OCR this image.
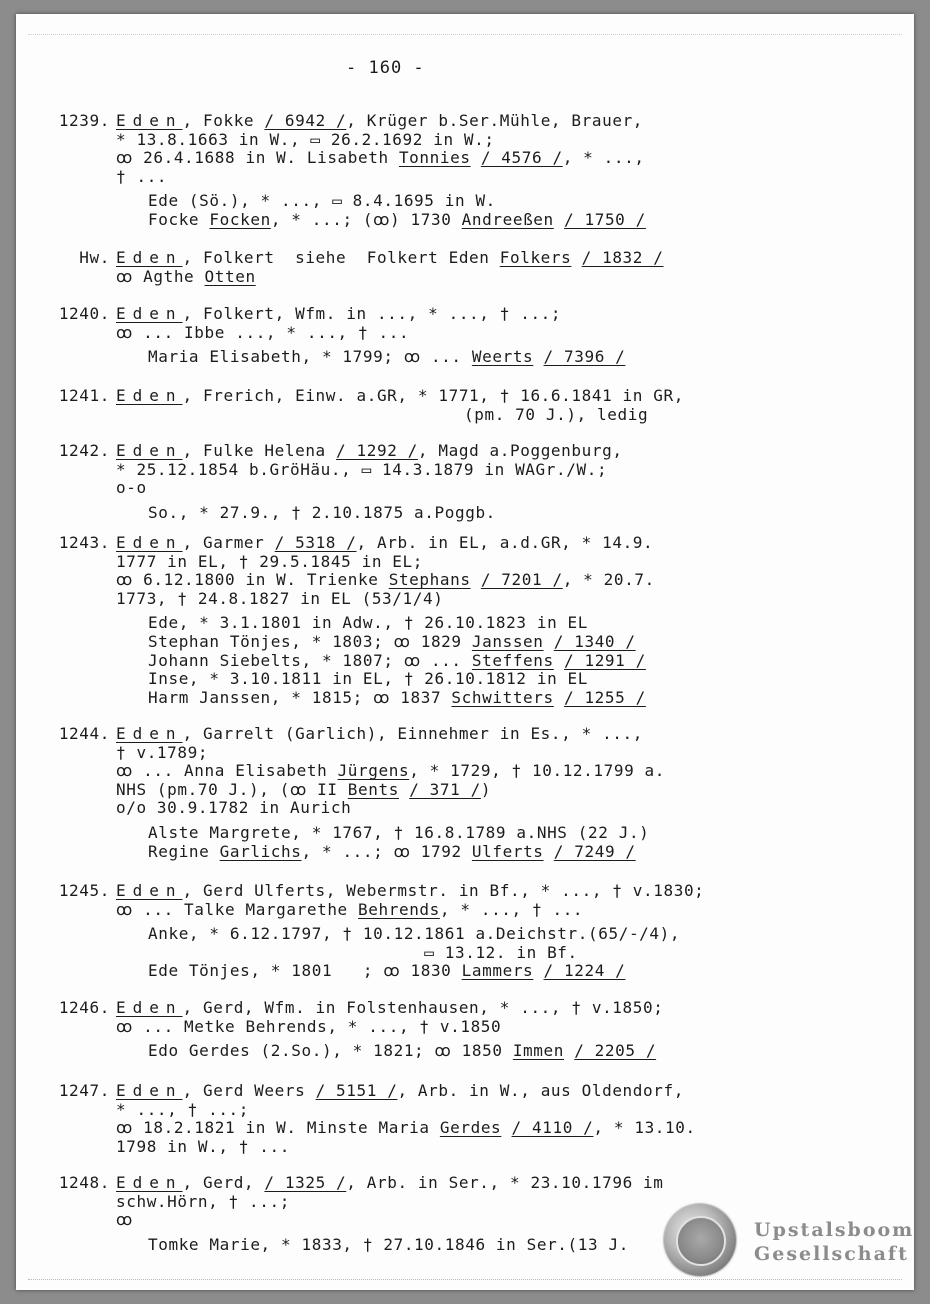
- 160 -
1239. Eden, Fokke / 6942 /, Krüger b.Ser.Mühle, Brauer,
* 13.8.1663 in W., ▭ 26.2.1692 in W.;
ꝏ 26.4.1688 in W. Lisabeth Tonnies / 4576 /, * ...,
† ...
Ede (Sö.), * ..., ▭ 8.4.1695 in W.
Focke Focken, * ...; (ꝏ) 1730 Andreeßen / 1750 /
Hw. Eden, Folkert  siehe  Folkert Eden Folkers / 1832 /
ꝏ Agthe Otten
1240. Eden, Folkert, Wfm. in ..., * ..., † ...;
ꝏ ... Ibbe ..., * ..., † ...
Maria Elisabeth, * 1799; ꝏ ... Weerts / 7396 /
1241. Eden, Frerich, Einw. a.GR, * 1771, † 16.6.1841 in GR,
(pm. 70 J.), ledig
1242. Eden, Fulke Helena / 1292 /, Magd a.Poggenburg,
* 25.12.1854 b.GröHäu., ▭ 14.3.1879 in WAGr./W.;
o-o
So., * 27.9., † 2.10.1875 a.Poggb.
1243. Eden, Garmer / 5318 /, Arb. in EL, a.d.GR, * 14.9.
1777 in EL, † 29.5.1845 in EL;
ꝏ 6.12.1800 in W. Trienke Stephans / 7201 /, * 20.7.
1773, † 24.8.1827 in EL (53/1/4)
Ede, * 3.1.1801 in Adw., † 26.10.1823 in EL
Stephan Tönjes, * 1803; ꝏ 1829 Janssen / 1340 /
Johann Siebelts, * 1807; ꝏ ... Steffens / 1291 /
Inse, * 3.10.1811 in EL, † 26.10.1812 in EL
Harm Janssen, * 1815; ꝏ 1837 Schwitters / 1255 /
1244. Eden, Garrelt (Garlich), Einnehmer in Es., * ...,
† v.1789;
ꝏ ... Anna Elisabeth Jürgens, * 1729, † 10.12.1799 a.
NHS (pm.70 J.), (ꝏ II Bents / 371 /)
o/o 30.9.1782 in Aurich
Alste Margrete, * 1767, † 16.8.1789 a.NHS (22 J.)
Regine Garlichs, * ...; ꝏ 1792 Ulferts / 7249 /
1245. Eden, Gerd Ulferts, Webermstr. in Bf., * ..., † v.1830;
ꝏ ... Talke Margarethe Behrends, * ..., † ...
Anke, * 6.12.1797, † 10.12.1861 a.Deichstr.(65/-/4),
▭ 13.12. in Bf.
Ede Tönjes, * 1801   ; ꝏ 1830 Lammers / 1224 /
1246. Eden, Gerd, Wfm. in Folstenhausen, * ..., † v.1850;
ꝏ ... Metke Behrends, * ..., † v.1850
Edo Gerdes (2.So.), * 1821; ꝏ 1850 Immen / 2205 /
1247. Eden, Gerd Weers / 5151 /, Arb. in W., aus Oldendorf,
* ..., † ...;
ꝏ 18.2.1821 in W. Minste Maria Gerdes / 4110 /, * 13.10.
1798 in W., † ...
1248. Eden, Gerd, / 1325 /, Arb. in Ser., * 23.10.1796 im
schw.Hörn, † ...;
ꝏ
Tomke Marie, * 1833, † 27.10.1846 in Ser.(13 J.
Upstalsboom
Gesellschaft
